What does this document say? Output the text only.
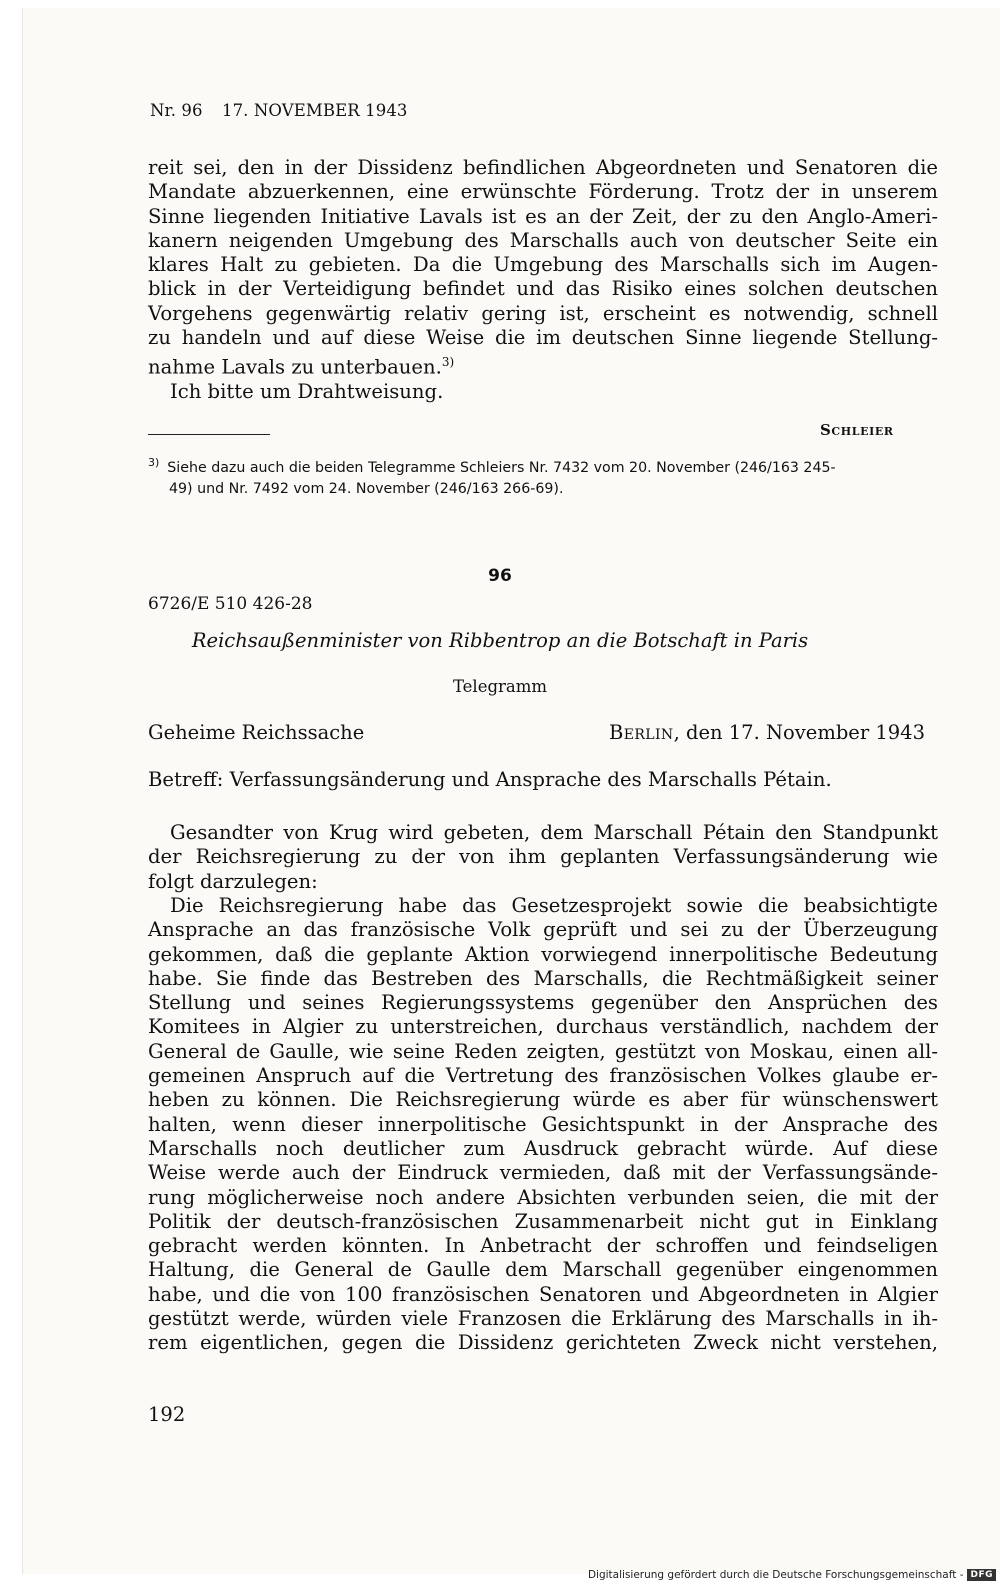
Nr. 96 17. NOVEMBER 1943
reit sei, den in der Dissidenz befindlichen Abgeordneten und Senatoren die
Mandate abzuerkennen, eine erwünschte Förderung. Trotz der in unserem
Sinne liegenden Initiative Lavals ist es an der Zeit, der zu den Anglo-Ameri-
kanern neigenden Umgebung des Marschalls auch von deutscher Seite ein
klares Halt zu gebieten. Da die Umgebung des Marschalls sich im Augen-
blick in der Verteidigung befindet und das Risiko eines solchen deutschen
Vorgehens gegenwärtig relativ gering ist, erscheint es notwendig, schnell
zu handeln und auf diese Weise die im deutschen Sinne liegende Stellung-
nahme Lavals zu unterbauen.$^{3)}$
Ich bitte um Drahtweisung.
Schleier
$^{3)}$ Siehe dazu auch die beiden Telegramme Schleiers Nr. 7432 vom 20. November (246/163 245-
49) und Nr. 7492 vom 24. November (246/163 266-69).
96
6726/E 510 426-28
Reichsaußenminister von Ribbentrop an die Botschaft in Paris
Telegramm
Geheime Reichssache	Berlin, den 17. November 1943
Betreff: Verfassungsänderung und Ansprache des Marschalls Pétain.
Gesandter von Krug wird gebeten, dem Marschall Pétain den Standpunkt
der Reichsregierung zu der von ihm geplanten Verfassungsänderung wie
folgt darzulegen:
Die Reichsregierung habe das Gesetzesprojekt sowie die beabsichtigte
Ansprache an das französische Volk geprüft und sei zu der Überzeugung
gekommen, daß die geplante Aktion vorwiegend innerpolitische Bedeutung
habe. Sie finde das Bestreben des Marschalls, die Rechtmäßigkeit seiner
Stellung und seines Regierungssystems gegenüber den Ansprüchen des
Komitees in Algier zu unterstreichen, durchaus verständlich, nachdem der
General de Gaulle, wie seine Reden zeigten, gestützt von Moskau, einen all-
gemeinen Anspruch auf die Vertretung des französischen Volkes glaube er-
heben zu können. Die Reichsregierung würde es aber für wünschenswert
halten, wenn dieser innerpolitische Gesichtspunkt in der Ansprache des
Marschalls noch deutlicher zum Ausdruck gebracht würde. Auf diese
Weise werde auch der Eindruck vermieden, daß mit der Verfassungsände-
rung möglicherweise noch andere Absichten verbunden seien, die mit der
Politik der deutsch-französischen Zusammenarbeit nicht gut in Einklang
gebracht werden könnten. In Anbetracht der schroffen und feindseligen
Haltung, die General de Gaulle dem Marschall gegenüber eingenommen
habe, und die von 100 französischen Senatoren und Abgeordneten in Algier
gestützt werde, würden viele Franzosen die Erklärung des Marschalls in ih-
rem eigentlichen, gegen die Dissidenz gerichteten Zweck nicht verstehen,
192
Digitalisierung gefördert durch die Deutsche Forschungsgemeinschaft - DFG
